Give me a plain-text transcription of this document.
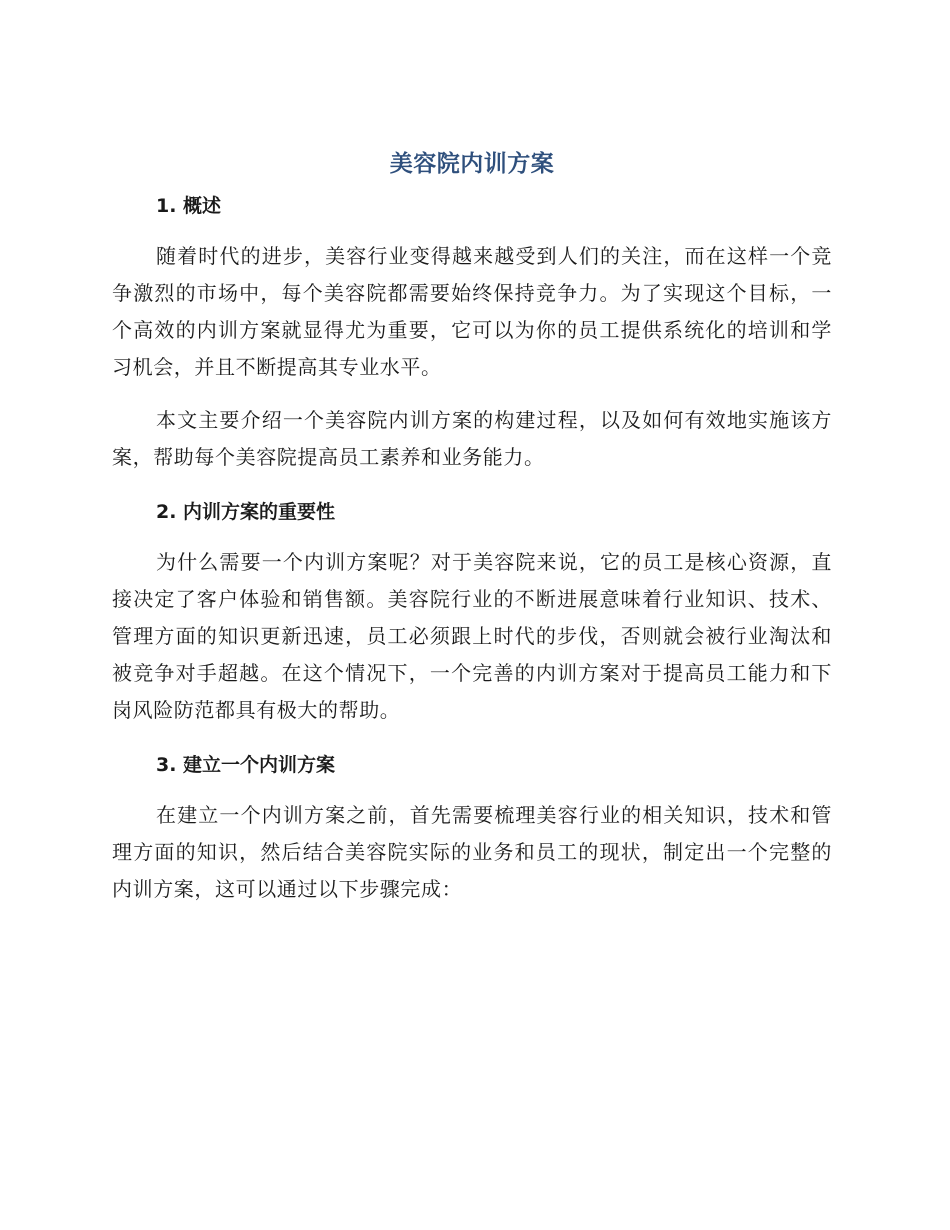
美容院内训方案
1. 概述

随着时代的进步，美容行业变得越来越受到人们的关注，而在这样一个竞争激烈的市场中，每个美容院都需要始终保持竞争力。为了实现这个目标，一个高效的内训方案就显得尤为重要，它可以为你的员工提供系统化的培训和学习机会，并且不断提高其专业水平。

本文主要介绍一个美容院内训方案的构建过程，以及如何有效地实施该方案，帮助每个美容院提高员工素养和业务能力。

2. 内训方案的重要性

为什么需要一个内训方案呢？对于美容院来说，它的员工是核心资源，直接决定了客户体验和销售额。美容院行业的不断进展意味着行业知识、技术、管理方面的知识更新迅速，员工必须跟上时代的步伐，否则就会被行业淘汰和被竞争对手超越。在这个情况下，一个完善的内训方案对于提高员工能力和下岗风险防范都具有极大的帮助。

3. 建立一个内训方案

在建立一个内训方案之前，首先需要梳理美容行业的相关知识，技术和管理方面的知识，然后结合美容院实际的业务和员工的现状，制定出一个完整的内训方案，这可以通过以下步骤完成：
